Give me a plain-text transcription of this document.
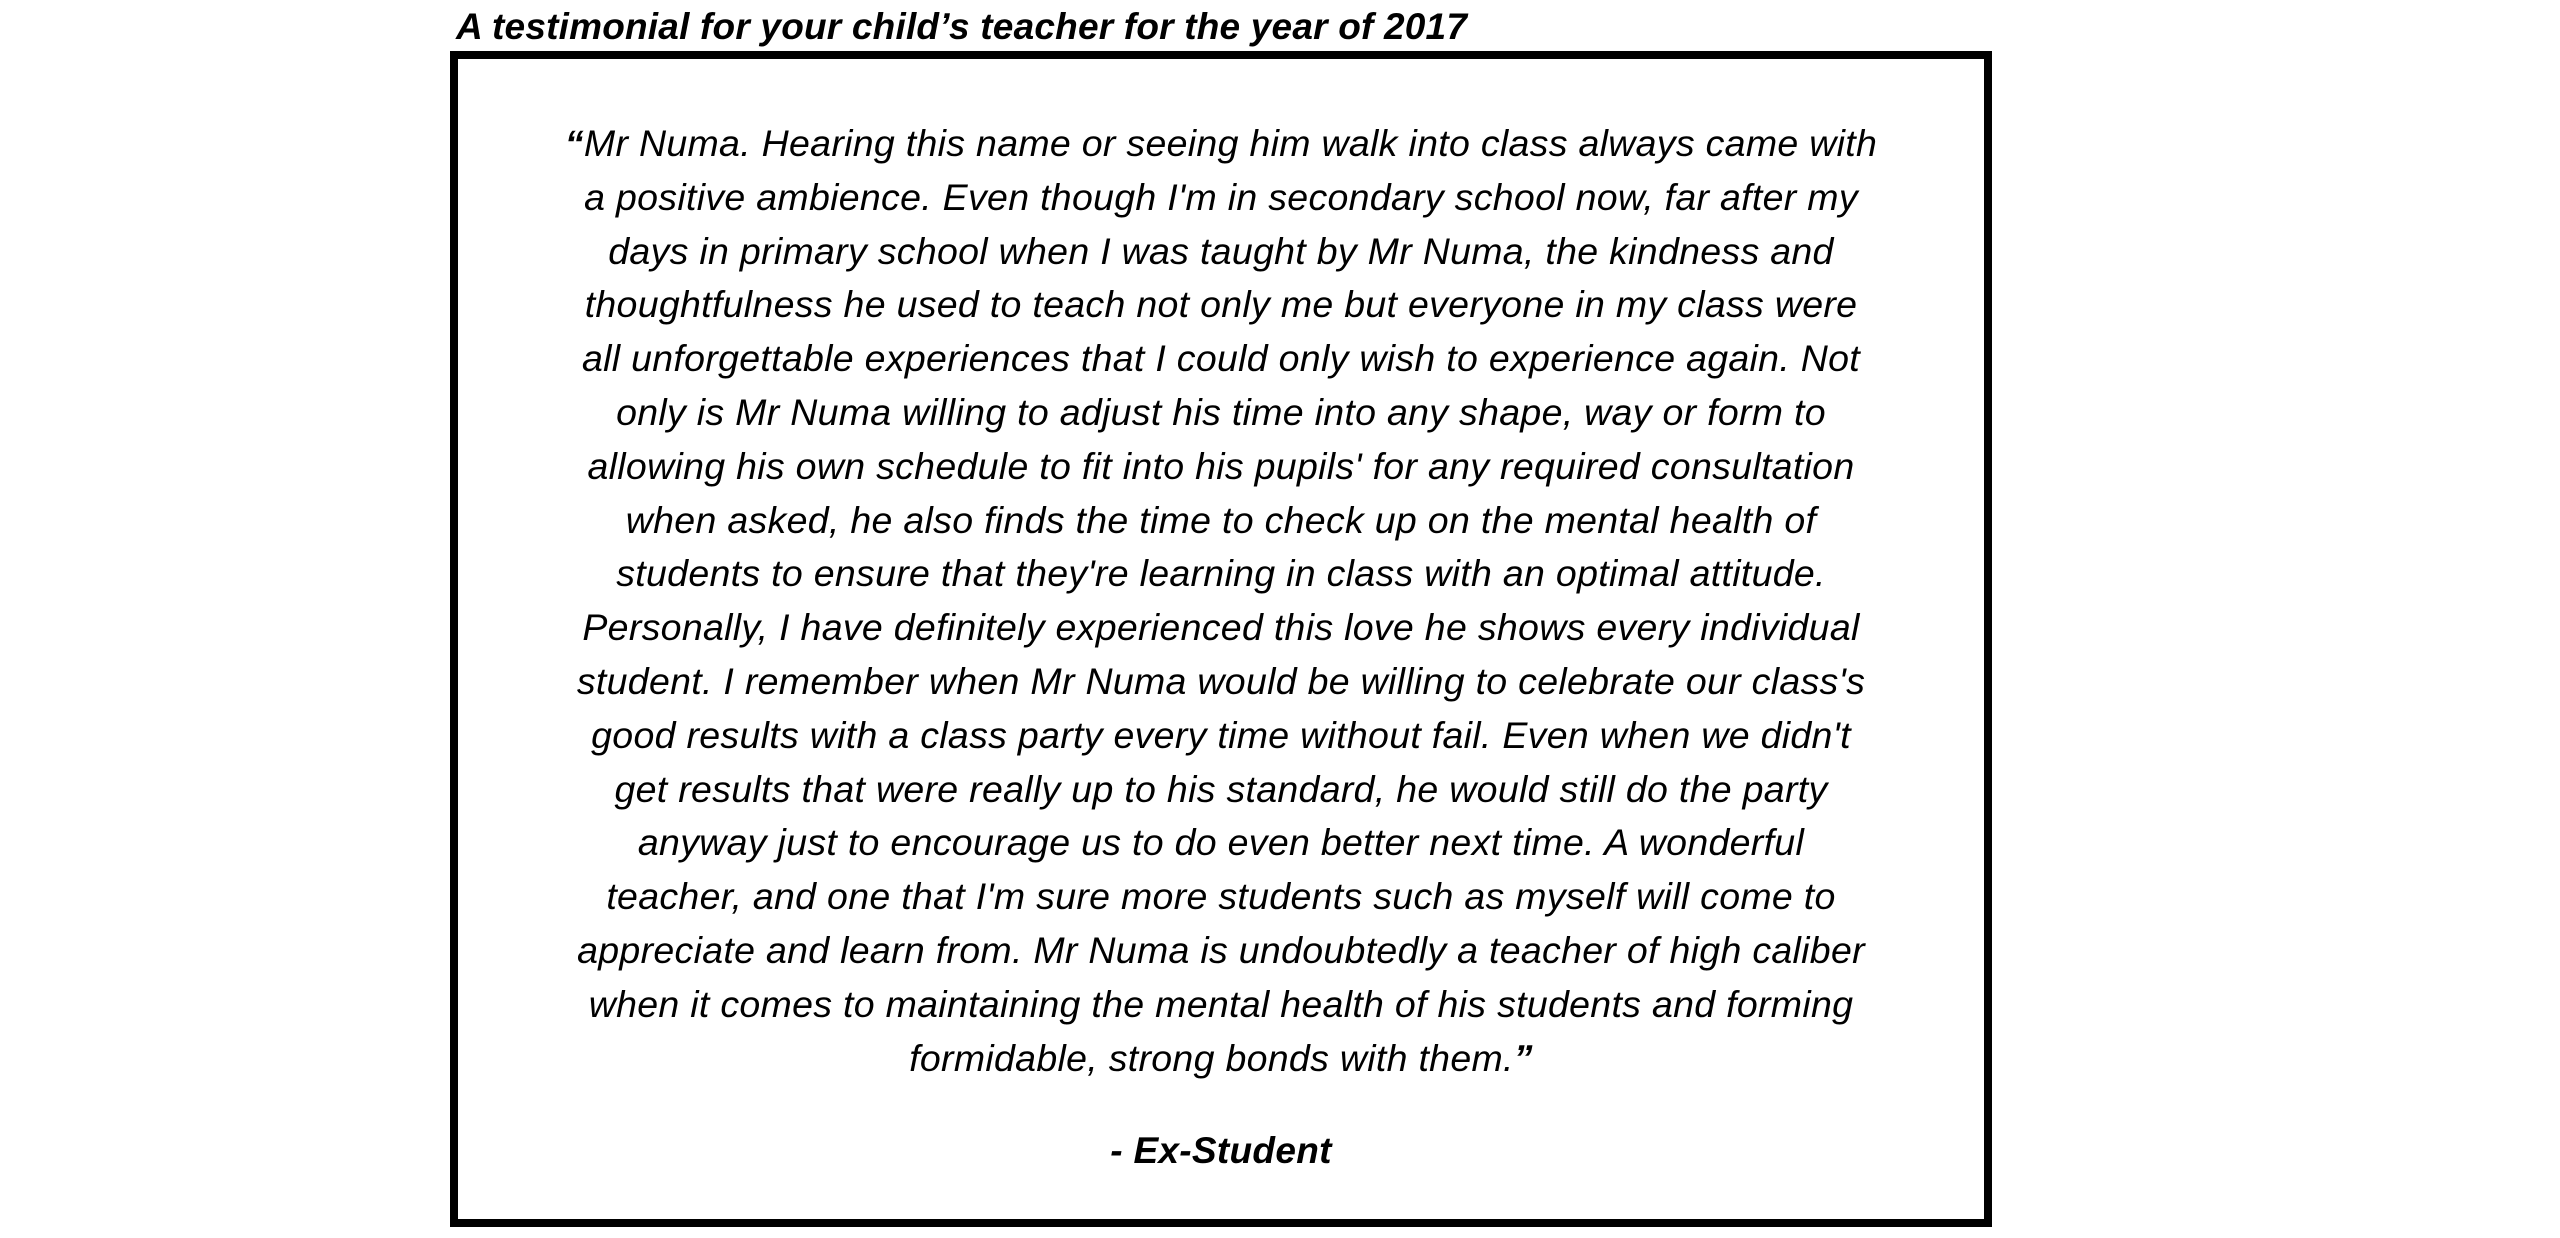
A testimonial for your child’s teacher for the year of 2017

“Mr Numa. Hearing this name or seeing him walk into class always came with
a positive ambience. Even though I'm in secondary school now, far after my
days in primary school when I was taught by Mr Numa, the kindness and
thoughtfulness he used to teach not only me but everyone in my class were
all unforgettable experiences that I could only wish to experience again. Not
only is Mr Numa willing to adjust his time into any shape, way or form to
allowing his own schedule to fit into his pupils' for any required consultation
when asked, he also finds the time to check up on the mental health of
students to ensure that they're learning in class with an optimal attitude.
Personally, I have definitely experienced this love he shows every individual
student. I remember when Mr Numa would be willing to celebrate our class's
good results with a class party every time without fail. Even when we didn't
get results that were really up to his standard, he would still do the party
anyway just to encourage us to do even better next time. A wonderful
teacher, and one that I'm sure more students such as myself will come to
appreciate and learn from. Mr Numa is undoubtedly a teacher of high caliber
when it comes to maintaining the mental health of his students and forming
formidable, strong bonds with them.”

- Ex-Student
